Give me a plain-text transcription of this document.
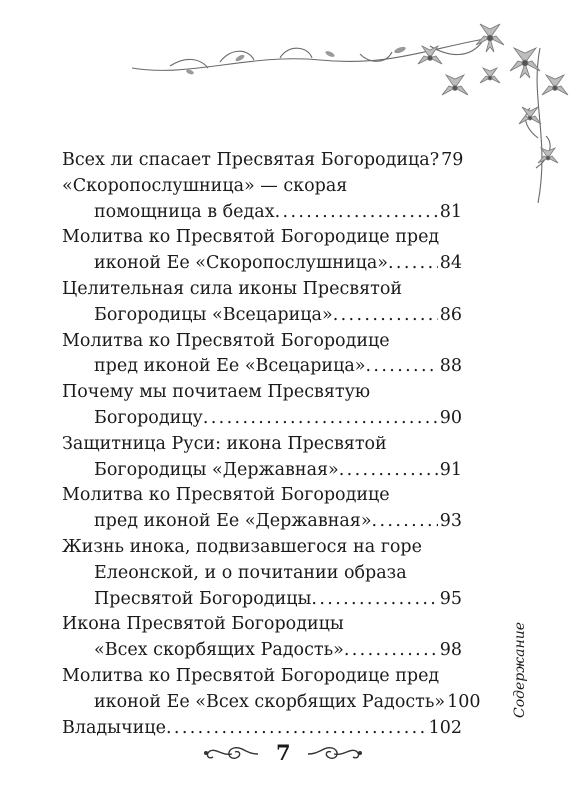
Всех ли спасает Пресвятая Богородица? 79
«Скоропослушница» — скорая
помощница в бедах . . .	81
Молитва ко Пресвятой Богородице пред
иконой Ее «Скоропослушница» . . .	84
Целительная сила иконы Пресвятой
Богородицы «Всецарица» . . .	86
Молитва ко Пресвятой Богородице
пред иконой Ее «Всецарица» . . .	88
Почему мы почитаем Пресвятую
Богородицу . . .	90
Защитница Руси: икона Пресвятой
Богородицы «Державная» . . .	91
Молитва ко Пресвятой Богородице
пред иконой Ее «Державная» . . .	93
Жизнь инока, подвизавшегося на горе
Елеонской, и о почитании образа
Пресвятой Богородицы . . .	95
Икона Пресвятой Богородицы
«Всех скорбящих Радость» . . .	98
Молитва ко Пресвятой Богородице пред
иконой Ее «Всех скорбящих Радость» 100
Владычице . . .	102
Содержание
7
